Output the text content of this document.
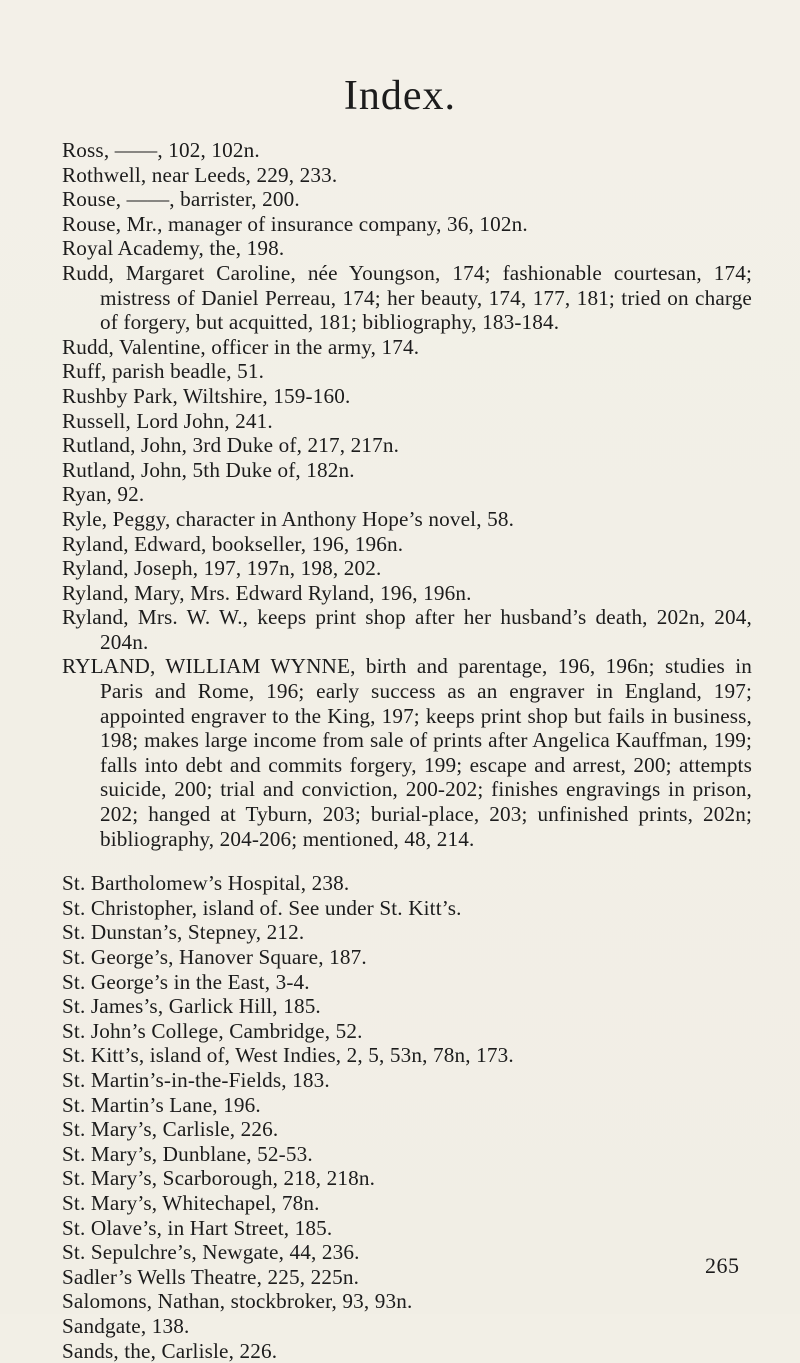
Index.

Ross, ——, 102, 102n.

Rothwell, near Leeds, 229, 233.

Rouse, ——, barrister, 200.

Rouse, Mr., manager of insurance company, 36, 102n.

Royal Academy, the, 198.

Rudd, Margaret Caroline, née Youngson, 174; fashionable courtesan, 174; mistress of Daniel Perreau, 174; her beauty, 174, 177, 181; tried on charge of forgery, but acquitted, 181; bibliography, 183-184.

Rudd, Valentine, officer in the army, 174.

Ruff, parish beadle, 51.

Rushby Park, Wiltshire, 159-160.

Russell, Lord John, 241.

Rutland, John, 3rd Duke of, 217, 217n.

Rutland, John, 5th Duke of, 182n.

Ryan, 92.

Ryle, Peggy, character in Anthony Hope’s novel, 58.

Ryland, Edward, bookseller, 196, 196n.

Ryland, Joseph, 197, 197n, 198, 202.

Ryland, Mary, Mrs. Edward Ryland, 196, 196n.

Ryland, Mrs. W. W., keeps print shop after her husband’s death, 202n, 204, 204n.

RYLAND, WILLIAM WYNNE, birth and parentage, 196, 196n; studies in Paris and Rome, 196; early success as an engraver in England, 197; appointed engraver to the King, 197; keeps print shop but fails in business, 198; makes large income from sale of prints after Angelica Kauffman, 199; falls into debt and commits forgery, 199; escape and arrest, 200; attempts suicide, 200; trial and conviction, 200-202; finishes engravings in prison, 202; hanged at Tyburn, 203; burial-place, 203; unfinished prints, 202n; bibliography, 204-206; mentioned, 48, 214.

St. Bartholomew’s Hospital, 238.

St. Christopher, island of. See under St. Kitt’s.

St. Dunstan’s, Stepney, 212.

St. George’s, Hanover Square, 187.

St. George’s in the East, 3-4.

St. James’s, Garlick Hill, 185.

St. John’s College, Cambridge, 52.

St. Kitt’s, island of, West Indies, 2, 5, 53n, 78n, 173.

St. Martin’s-in-the-Fields, 183.

St. Martin’s Lane, 196.

St. Mary’s, Carlisle, 226.

St. Mary’s, Dunblane, 52-53.

St. Mary’s, Scarborough, 218, 218n.

St. Mary’s, Whitechapel, 78n.

St. Olave’s, in Hart Street, 185.

St. Sepulchre’s, Newgate, 44, 236.

Sadler’s Wells Theatre, 225, 225n.

Salomons, Nathan, stockbroker, 93, 93n.

Sandgate, 138.

Sands, the, Carlisle, 226.

265
